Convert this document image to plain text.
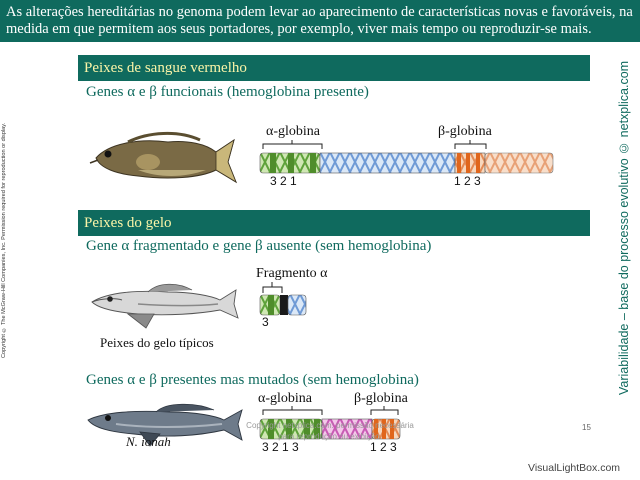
As alterações hereditárias no genoma podem levar ao aparecimento de características novas e favoráveis, na medida em que permitem aos seus portadores, por exemplo, viver mais tempo ou reproduzir-se mais.
Copyright © The McGraw-Hill Companies, Inc. Permission required for reproduction or display.	Variabilidade – base do processo evolutivo © netxplica.com
Peixes de sangue vermelho
Genes α e β funcionais (hemoglobina presente)
α-globina	β-globina
3 2 1	1 2 3
Peixes do gelo
Gene α fragmentado e gene β ausente (sem hemoglobina)
Fragmento α
3
Peixes do gelo típicos
Genes α e β presentes mas mutados (sem hemoglobina)
N. ionah
α-globina	β-globina
3 2 1 3	1 2 3
Copyright netxplica.com: permissão necessária para reprodução ou exibição.
15
VisualLightBox.com
